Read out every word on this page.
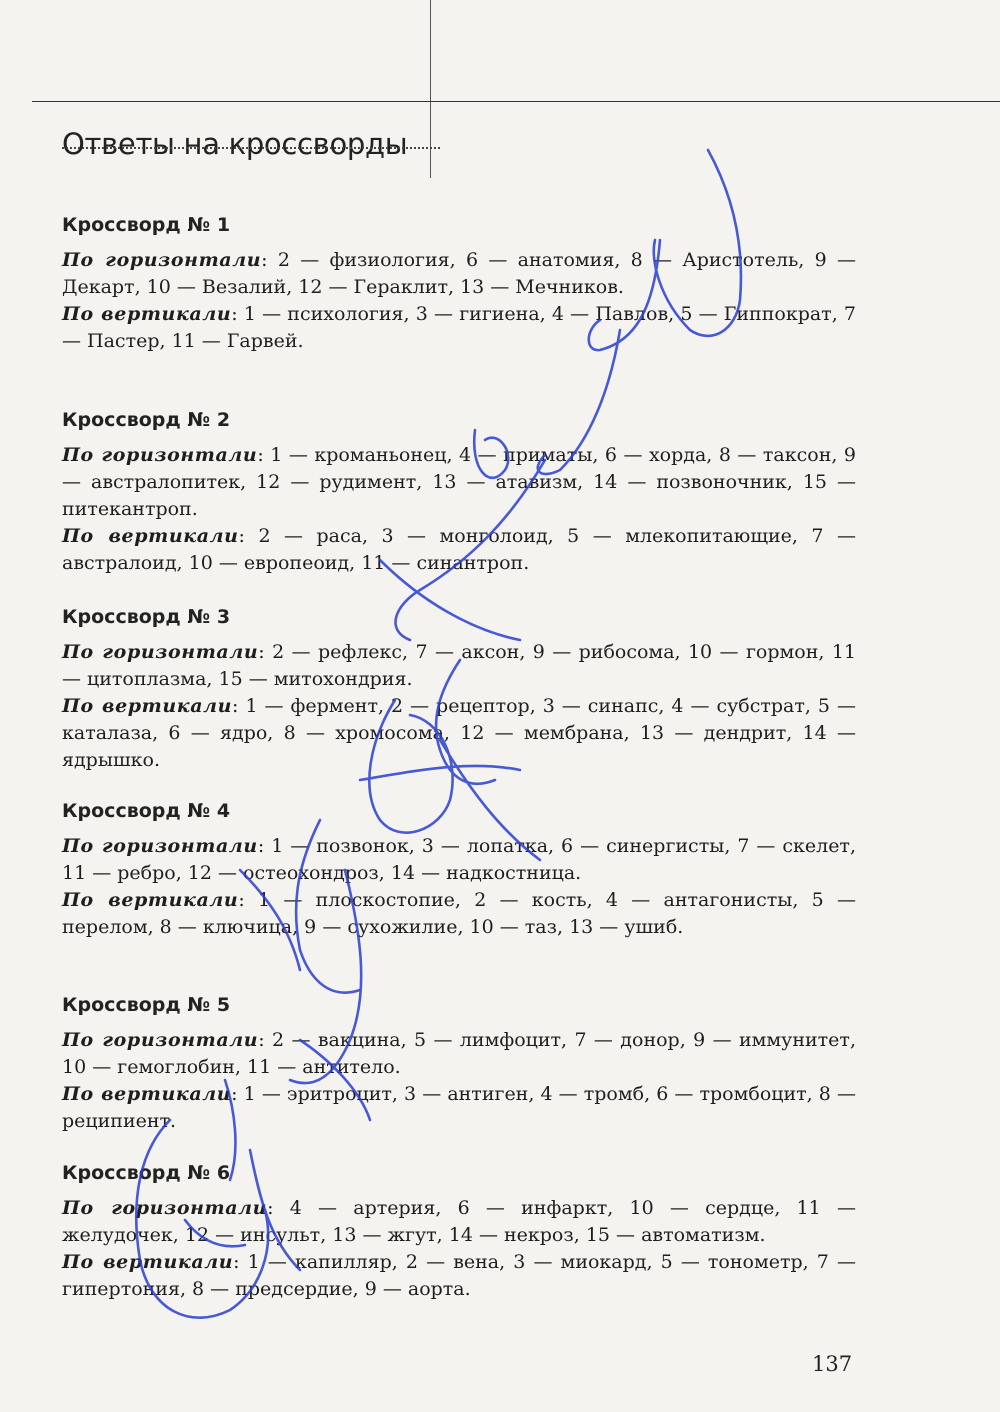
Ответы на кроссворды
Кроссворд № 1

По горизонтали: 2 — физиология, 6 — анатомия, 8 — Аристотель, 9 — Декарт, 10 — Везалий, 12 — Гераклит, 13 — Мечников.

По вертикали: 1 — психология, 3 — гигиена, 4 — Павлов, 5 — Гиппократ, 7 — Пастер, 11 — Гарвей.

Кроссворд № 2

По горизонтали: 1 — кроманьонец, 4 — приматы, 6 — хорда, 8 — таксон, 9 — австралопитек, 12 — рудимент, 13 — атавизм, 14 — позвоночник, 15 — питекантроп.

По вертикали: 2 — раса, 3 — монголоид, 5 — млекопитающие, 7 — австралоид, 10 — европеоид, 11 — синантроп.

Кроссворд № 3

По горизонтали: 2 — рефлекс, 7 — аксон, 9 — рибосома, 10 — гормон, 11 — цитоплазма, 15 — митохондрия.

По вертикали: 1 — фермент, 2 — рецептор, 3 — синапс, 4 — субстрат, 5 — каталаза, 6 — ядро, 8 — хромосома, 12 — мембрана, 13 — дендрит, 14 — ядрышко.

Кроссворд № 4

По горизонтали: 1 — позвонок, 3 — лопатка, 6 — синергисты, 7 — скелет, 11 — ребро, 12 — остеохондроз, 14 — надкостница.

По вертикали: 1 — плоскостопие, 2 — кость, 4 — антагонисты, 5 — перелом, 8 — ключица, 9 — сухожилие, 10 — таз, 13 — ушиб.

Кроссворд № 5

По горизонтали: 2 — вакцина, 5 — лимфоцит, 7 — донор, 9 — иммунитет, 10 — гемоглобин, 11 — антитело.

По вертикали: 1 — эритроцит, 3 — антиген, 4 — тромб, 6 — тромбоцит, 8 — реципиент.

Кроссворд № 6

По горизонтали: 4 — артерия, 6 — инфаркт, 10 — сердце, 11 — желудочек, 12 — инсульт, 13 — жгут, 14 — некроз, 15 — автоматизм.

По вертикали: 1 — капилляр, 2 — вена, 3 — миокард, 5 — тонометр, 7 — гипертония, 8 — предсердие, 9 — аорта.

137
